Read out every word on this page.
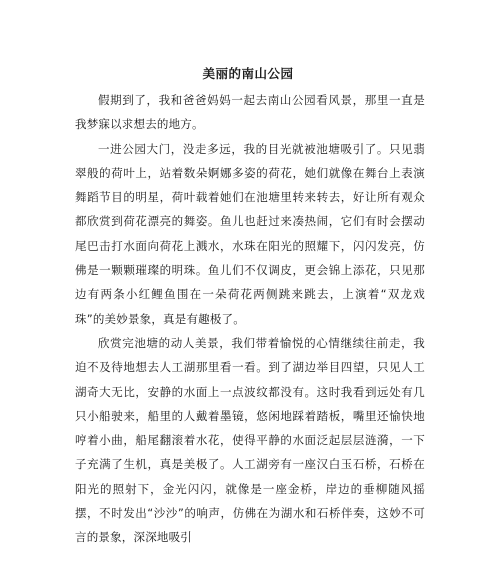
美丽的南山公园

假期到了，我和爸爸妈妈一起去南山公园看风景，那里一直是我梦寐以求想去的地方。

一进公园大门，没走多远，我的目光就被池塘吸引了。只见翡翠般的荷叶上，站着数朵婀娜多姿的荷花，她们就像在舞台上表演舞蹈节目的明星，荷叶载着她们在池塘里转来转去，好让所有观众都欣赏到荷花漂亮的舞姿。鱼儿也赶过来凑热闹，它们有时会摆动尾巴击打水面向荷花上溅水，水珠在阳光的照耀下，闪闪发亮，仿佛是一颗颗璀璨的明珠。鱼儿们不仅调皮，更会锦上添花，只见那边有两条小红鲤鱼围在一朵荷花两侧跳来跳去，上演着“双龙戏珠”的美妙景象，真是有趣极了。

欣赏完池塘的动人美景，我们带着愉悦的心情继续往前走，我迫不及待地想去人工湖那里看一看。到了湖边举目四望，只见人工湖奇大无比，安静的水面上一点波纹都没有。这时我看到远处有几只小船驶来，船里的人戴着墨镜，悠闲地踩着踏板，嘴里还愉快地哼着小曲，船尾翻滚着水花，使得平静的水面泛起层层涟漪，一下子充满了生机，真是美极了。人工湖旁有一座汉白玉石桥，石桥在阳光的照射下，金光闪闪，就像是一座金桥，岸边的垂柳随风摇摆，不时发出“沙沙”的响声，仿佛在为湖水和石桥伴奏，这妙不可言的景象，深深地吸引
